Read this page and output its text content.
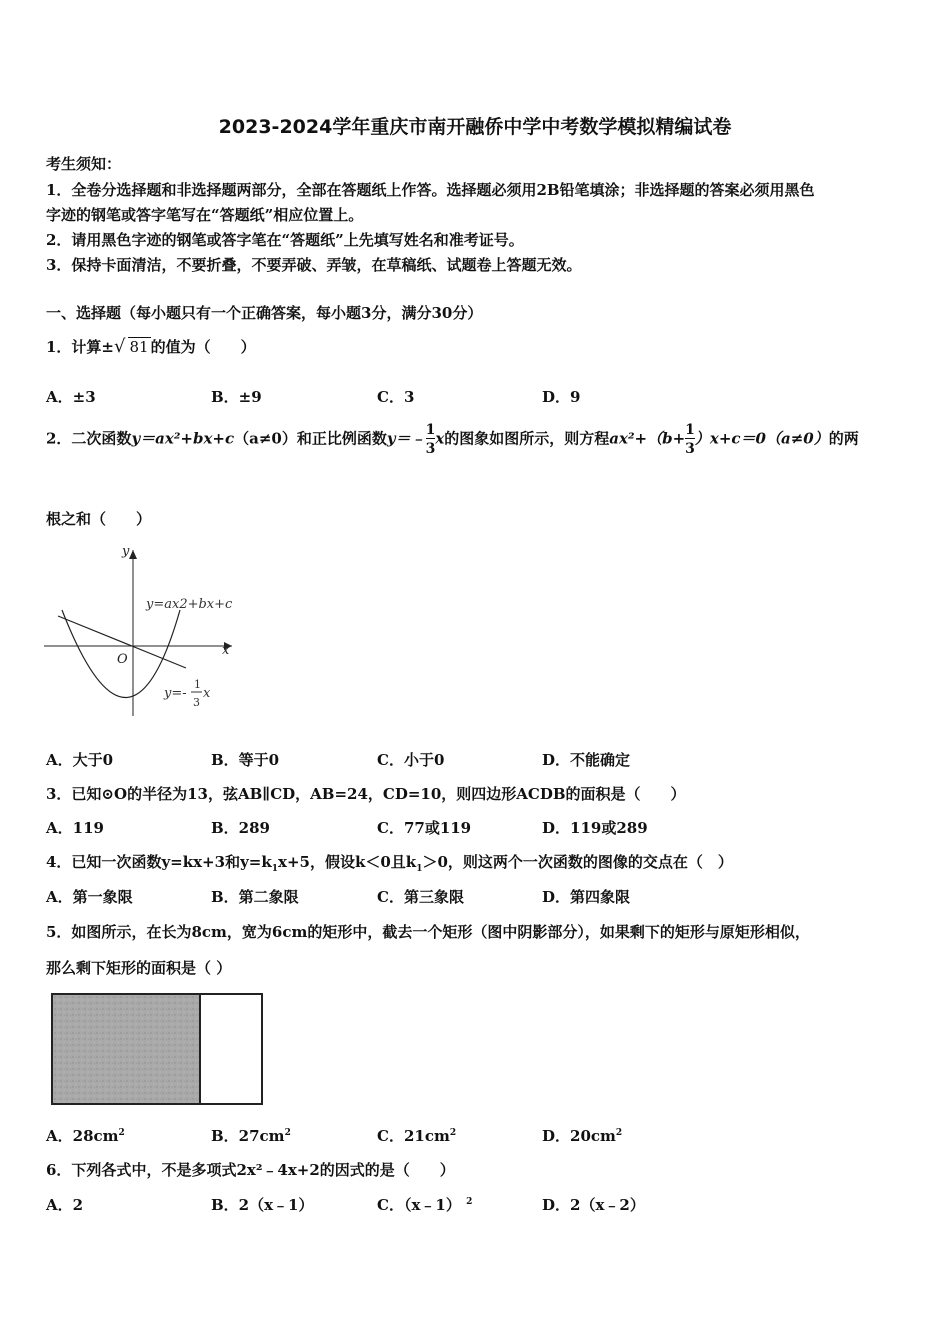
2023-2024学年重庆市南开融侨中学中考数学模拟精编试卷
考生须知：
1．全卷分选择题和非选择题两部分，全部在答题纸上作答。选择题必须用2B铅笔填涂；非选择题的答案必须用黑色
字迹的钢笔或答字笔写在“答题纸”相应位置上。
2．请用黑色字迹的钢笔或答字笔在“答题纸”上先填写姓名和准考证号。
3．保持卡面清洁，不要折叠，不要弄破、弄皱，在草稿纸、试题卷上答题无效。
一、选择题（每小题只有一个正确答案，每小题3分，满分30分）
1．计算±√ 81 的值为（　　）
A．±3	B．±9	C．3	D．9
2．二次函数y＝ax²+bx+c（a≠0）和正比例函数y＝﹣ $\frac{1}{3}$ x的图象如图所示，则方程$ax^2+(b+ \frac{1}{3} )x+c=0(a\ne 0)$的两
根之和（　　）
y
x
O
y=ax2+bx+c
y=-
1
3
x
A．大于0	B．等于0	C．小于0	D．不能确定
3．已知⊙O的半径为13，弦AB∥CD，AB=24，CD=10，则四边形ACDB的面积是（　　）
A．119	B．289	C．77或119	D．119或289
4．已知一次函数y=kx+3和$y=k_1x+5$，假设k＜0且$k_1>0$，则这两个一次函数的图像的交点在（　）
A．第一象限	B．第二象限	C．第三象限	D．第四象限
5．如图所示，在长为8cm，宽为6cm的矩形中，截去一个矩形（图中阴影部分），如果剩下的矩形与原矩形相似，
那么剩下矩形的面积是（ ）
A．$28cm^2$	B．$27cm^2$	C．$21cm^2$	D．$20cm^2$
6．下列各式中，不是多项式2x²﹣4x+2的因式的是（　　）
A．2	B．2（x﹣1）	C．（x﹣1） $^2$	D．2（x﹣2）
